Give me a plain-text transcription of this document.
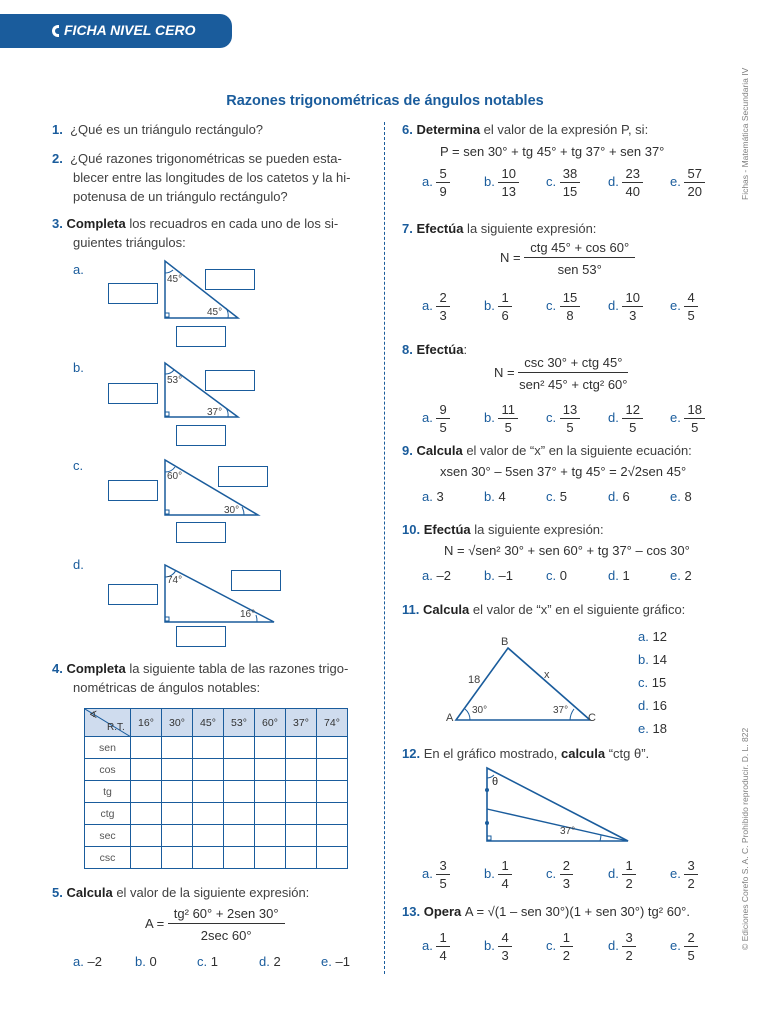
FICHA NIVEL CERO
Fichas - Matemática Secundaria IV
© Ediciones Corefo S. A. C. Prohibido reproducir. D. L. 822
Razones trigonométricas de ángulos notables
1. ¿Qué es un triángulo rectángulo?
2. ¿Qué razones trigonométricas se pueden esta-
blecer entre las longitudes de los catetos y la hi-
potenusa de un triángulo rectángulo?
3. Completa los recuadros en cada uno de los si-
guientes triángulos:
a.
45°
45°
b.
53°
37°
c.
60°
30°
d.
74°
16°
4. Completa la siguiente tabla de las razones trigo-
nométricas de ángulos notables:
∢
R.T.	16°	30°	45°	53°	60°	37°	74°
sen							
cos							
tg							
ctg							
sec							
csc							
5. Calcula el valor de la siguiente expresión:
A =
tg² 60° + 2sen 30°
2sec 60°
a. –2	b. 0	c. 1	d. 2	e. –1
6. Determina el valor de la expresión P, si:
P = sen 30° + tg 45° + tg 37° + sen 37°
a. $\frac{5}{9}$	b. $\frac{10}{13} c$. $\frac{38}{15} d$. $\frac{23}{40} e$. $\frac{57}{20}$
7. Efectúa la siguiente expresión:
N =
ctg 45° + cos 60°
sen 53°
a. $\frac{2}{3}$	b. $\frac{1}{6}$	c. $\frac{15}{8} d$. $\frac{10}{3} e$. $\frac{4}{5}$
8. Efectúa:
N =
csc 30° + ctg 45°
sen² 45° + ctg² 60°
a. $\frac{9}{5}$	b. $\frac{11}{5} c$. $\frac{13}{5} d$. $\frac{12}{5} e$. $\frac{18}{5}$
9. Calcula el valor de “x” en la siguiente ecuación:
xsen 30° – 5sen 37° + tg 45° = 2√2sen 45°
a. 3	b. 4	c. 5	d. 6	e. 8
10. Efectúa la siguiente expresión:
N = √sen² 30° + sen 60° + tg 37° – cos 30°
a. –2	b. –1	c. 0	d. 1	e. 2
11. Calcula el valor de “x” en el siguiente gráfico:
A
B
C
18	x
30°	37°
a. 12
b. 14
c. 15
d. 16
e. 18
12. En el gráfico mostrado, calcula “ctg θ”.
θ
37°
a. $\frac{3}{5}$	b. $\frac{1}{4}$	c. $\frac{2}{3}$	d. $\frac{1}{2}$	e. $\frac{3}{2}$
13. Opera A = √(1 – sen 30°)(1 + sen 30°) tg² 60°.
a. $\frac{1}{4}$	b. $\frac{4}{3}$	c. $\frac{1}{2}$	d. $\frac{3}{2}$	e. $\frac{2}{5}$
